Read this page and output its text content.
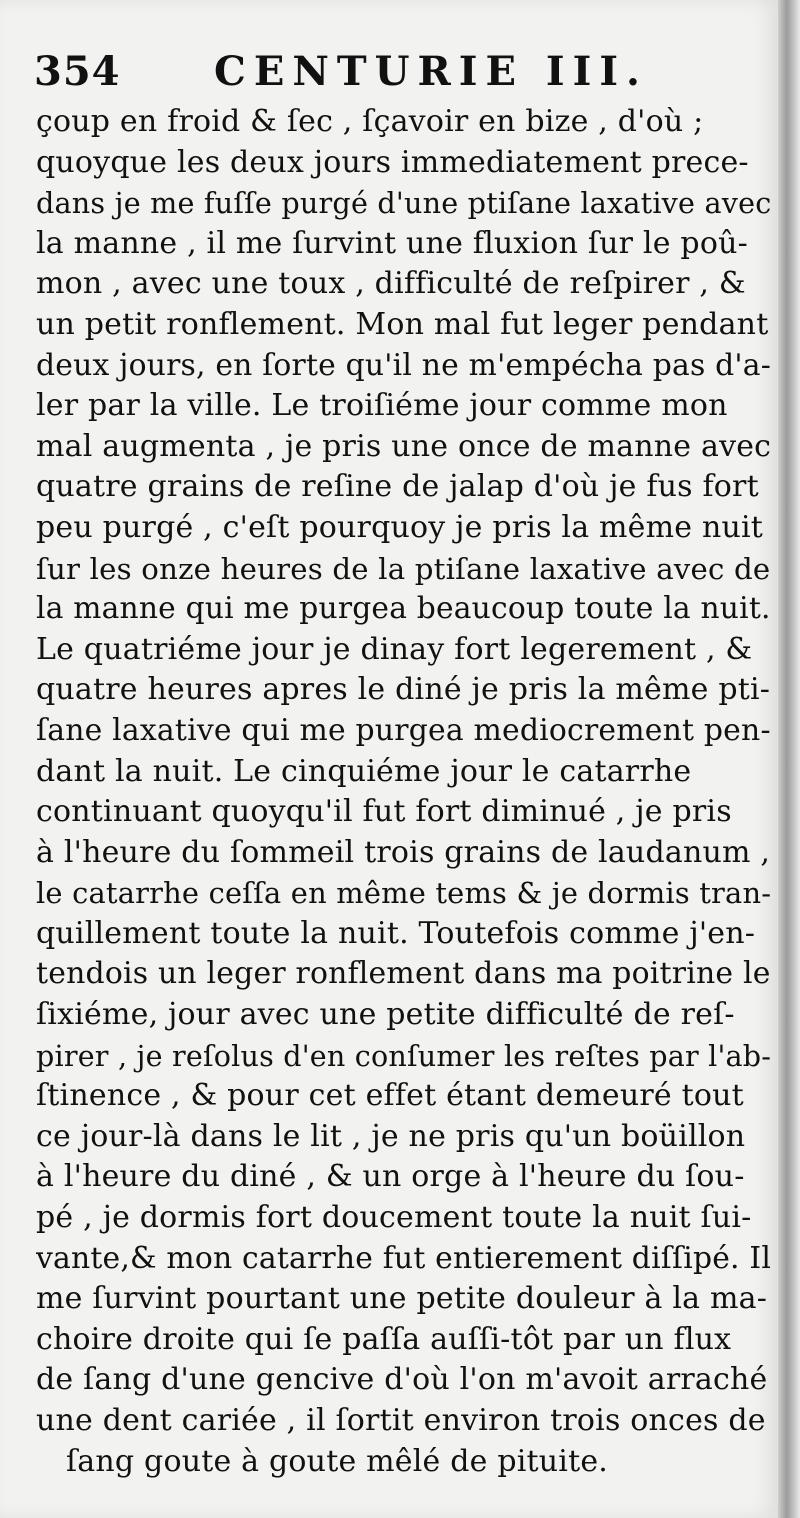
354 CENTURIE III.
çoup en froid & ſec , ſçavoir en bize , d'où ;
quoyque les deux jours immediatement prece-
dans je me fuſſe purgé d'une ptiſane laxative avec
la manne , il me ſurvint une fluxion ſur le poû-
mon , avec une toux , difficulté de reſpirer , &
un petit ronflement. Mon mal fut leger pendant
deux jours, en ſorte qu'il ne m'empécha pas d'a-
ler par la ville. Le troiſiéme jour comme mon
mal augmenta , je pris une once de manne avec
quatre grains de reſine de jalap d'où je fus fort
peu purgé , c'eſt pourquoy je pris la même nuit
ſur les onze heures de la ptiſane laxative avec de
la manne qui me purgea beaucoup toute la nuit.
Le quatriéme jour je dinay fort legerement , &
quatre heures apres le diné je pris la même pti-
ſane laxative qui me purgea mediocrement pen-
dant la nuit. Le cinquiéme jour le catarrhe
continuant quoyqu'il fut fort diminué , je pris
à l'heure du ſommeil trois grains de laudanum ,
le catarrhe ceſſa en même tems & je dormis tran-
quillement toute la nuit. Toutefois comme j'en-
tendois un leger ronflement dans ma poitrine le
ſixiéme, jour avec une petite difficulté de reſ-
pirer , je reſolus d'en conſumer les reſtes par l'ab-
ſtinence , & pour cet effet étant demeuré tout
ce jour-là dans le lit , je ne pris qu'un boüillon
à l'heure du diné , & un orge à l'heure du ſou-
pé , je dormis fort doucement toute la nuit ſui-
vante,& mon catarrhe fut entierement diſſipé. Il
me ſurvint pourtant une petite douleur à la ma-
choire droite qui ſe paſſa auſſi-tôt par un flux
de ſang d'une gencive d'où l'on m'avoit arraché
une dent cariée , il ſortit environ trois onces de
ſang goute à goute mêlé de pituite.
